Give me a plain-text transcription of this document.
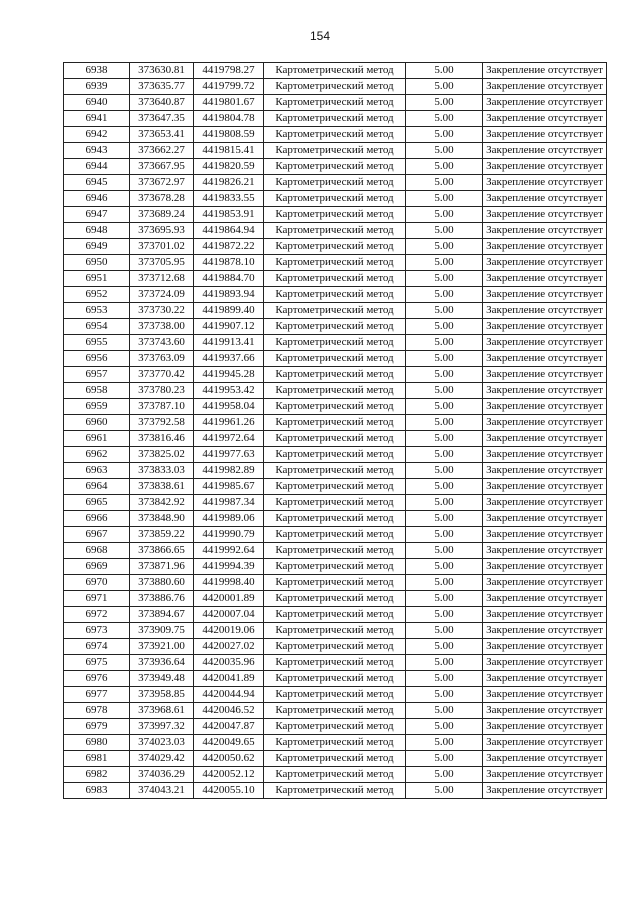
154
6938	373630.81	4419798.27	Картометрический метод	5.00	Закрепление отсутствует
6939	373635.77	4419799.72	Картометрический метод	5.00	Закрепление отсутствует
6940	373640.87	4419801.67	Картометрический метод	5.00	Закрепление отсутствует
6941	373647.35	4419804.78	Картометрический метод	5.00	Закрепление отсутствует
6942	373653.41	4419808.59	Картометрический метод	5.00	Закрепление отсутствует
6943	373662.27	4419815.41	Картометрический метод	5.00	Закрепление отсутствует
6944	373667.95	4419820.59	Картометрический метод	5.00	Закрепление отсутствует
6945	373672.97	4419826.21	Картометрический метод	5.00	Закрепление отсутствует
6946	373678.28	4419833.55	Картометрический метод	5.00	Закрепление отсутствует
6947	373689.24	4419853.91	Картометрический метод	5.00	Закрепление отсутствует
6948	373695.93	4419864.94	Картометрический метод	5.00	Закрепление отсутствует
6949	373701.02	4419872.22	Картометрический метод	5.00	Закрепление отсутствует
6950	373705.95	4419878.10	Картометрический метод	5.00	Закрепление отсутствует
6951	373712.68	4419884.70	Картометрический метод	5.00	Закрепление отсутствует
6952	373724.09	4419893.94	Картометрический метод	5.00	Закрепление отсутствует
6953	373730.22	4419899.40	Картометрический метод	5.00	Закрепление отсутствует
6954	373738.00	4419907.12	Картометрический метод	5.00	Закрепление отсутствует
6955	373743.60	4419913.41	Картометрический метод	5.00	Закрепление отсутствует
6956	373763.09	4419937.66	Картометрический метод	5.00	Закрепление отсутствует
6957	373770.42	4419945.28	Картометрический метод	5.00	Закрепление отсутствует
6958	373780.23	4419953.42	Картометрический метод	5.00	Закрепление отсутствует
6959	373787.10	4419958.04	Картометрический метод	5.00	Закрепление отсутствует
6960	373792.58	4419961.26	Картометрический метод	5.00	Закрепление отсутствует
6961	373816.46	4419972.64	Картометрический метод	5.00	Закрепление отсутствует
6962	373825.02	4419977.63	Картометрический метод	5.00	Закрепление отсутствует
6963	373833.03	4419982.89	Картометрический метод	5.00	Закрепление отсутствует
6964	373838.61	4419985.67	Картометрический метод	5.00	Закрепление отсутствует
6965	373842.92	4419987.34	Картометрический метод	5.00	Закрепление отсутствует
6966	373848.90	4419989.06	Картометрический метод	5.00	Закрепление отсутствует
6967	373859.22	4419990.79	Картометрический метод	5.00	Закрепление отсутствует
6968	373866.65	4419992.64	Картометрический метод	5.00	Закрепление отсутствует
6969	373871.96	4419994.39	Картометрический метод	5.00	Закрепление отсутствует
6970	373880.60	4419998.40	Картометрический метод	5.00	Закрепление отсутствует
6971	373886.76	4420001.89	Картометрический метод	5.00	Закрепление отсутствует
6972	373894.67	4420007.04	Картометрический метод	5.00	Закрепление отсутствует
6973	373909.75	4420019.06	Картометрический метод	5.00	Закрепление отсутствует
6974	373921.00	4420027.02	Картометрический метод	5.00	Закрепление отсутствует
6975	373936.64	4420035.96	Картометрический метод	5.00	Закрепление отсутствует
6976	373949.48	4420041.89	Картометрический метод	5.00	Закрепление отсутствует
6977	373958.85	4420044.94	Картометрический метод	5.00	Закрепление отсутствует
6978	373968.61	4420046.52	Картометрический метод	5.00	Закрепление отсутствует
6979	373997.32	4420047.87	Картометрический метод	5.00	Закрепление отсутствует
6980	374023.03	4420049.65	Картометрический метод	5.00	Закрепление отсутствует
6981	374029.42	4420050.62	Картометрический метод	5.00	Закрепление отсутствует
6982	374036.29	4420052.12	Картометрический метод	5.00	Закрепление отсутствует
6983	374043.21	4420055.10	Картометрический метод	5.00	Закрепление отсутствует
